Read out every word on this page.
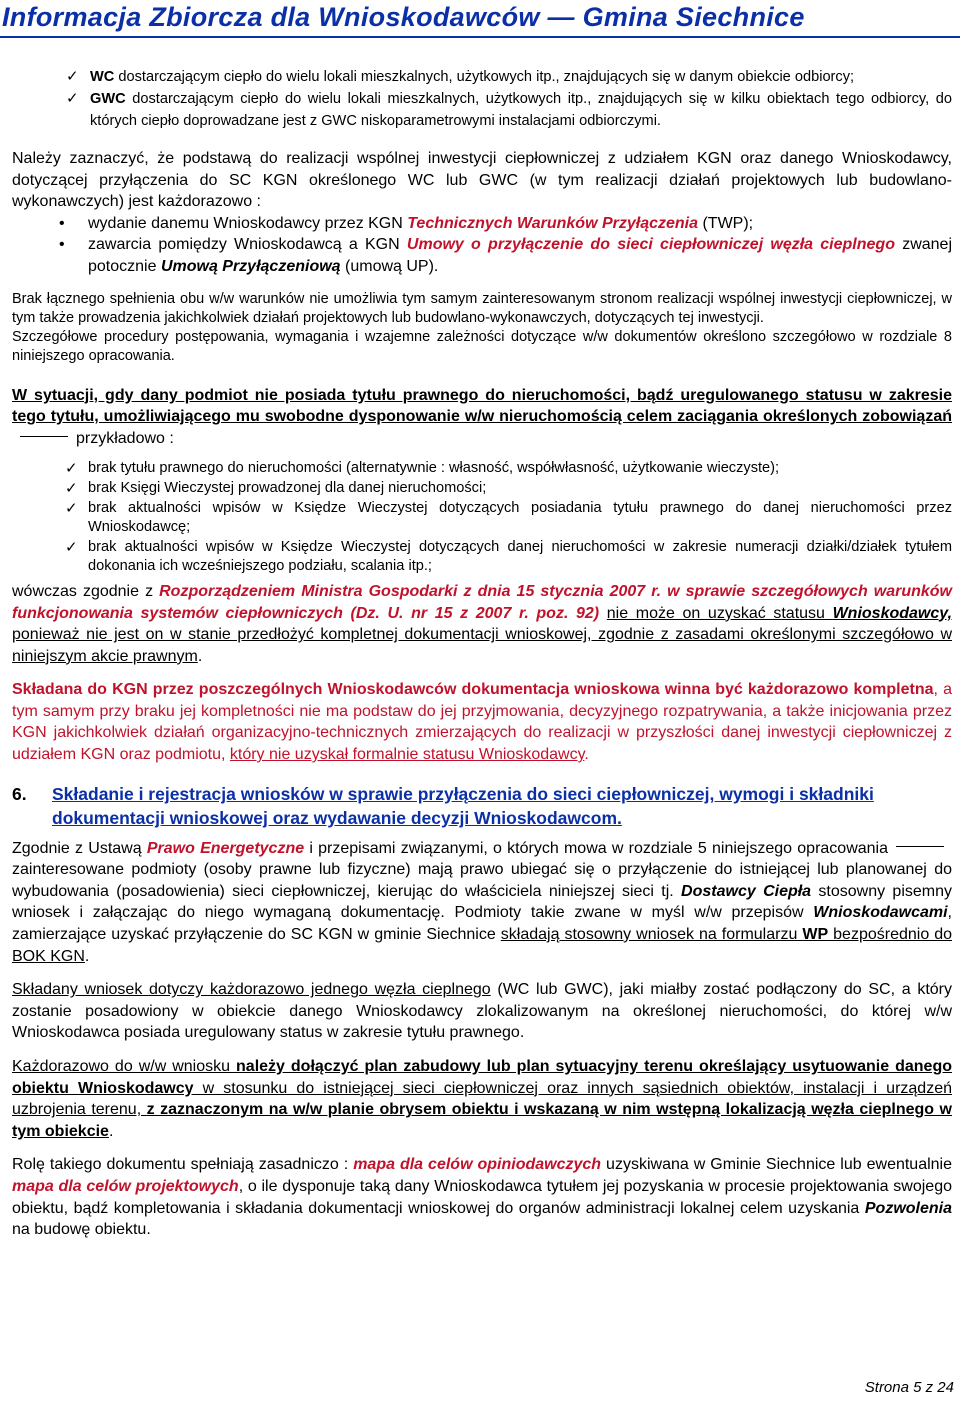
Informacja Zbiorcza dla Wnioskodawców — Gmina Siechnice
✓ WC dostarczającym ciepło do wielu lokali mieszkalnych, użytkowych itp., znajdujących się w danym obiekcie odbiorcy;
✓ GWC dostarczającym ciepło do wielu lokali mieszkalnych, użytkowych itp., znajdujących się w kilku obiektach tego odbiorcy, do których ciepło doprowadzane jest z GWC niskoparametrowymi instalacjami odbiorczymi.

Należy zaznaczyć, że podstawą do realizacji wspólnej inwestycji ciepłowniczej z udziałem KGN oraz danego Wnioskodawcy, dotyczącej przyłączenia do SC KGN określonego WC lub GWC (w tym realizacji działań projektowych lub budowlano-wykonawczych) jest każdorazowo :

• wydanie danemu Wnioskodawcy przez KGN Technicznych Warunków Przyłączenia (TWP);
• zawarcia pomiędzy Wnioskodawcą a KGN Umowy o przyłączenie do sieci ciepłowniczej węzła cieplnego zwanej potocznie Umową Przyłączeniową (umową UP).

Brak łącznego spełnienia obu w/w warunków nie umożliwia tym samym zainteresowanym stronom realizacji wspólnej inwestycji ciepłowniczej, w tym także prowadzenia jakichkolwiek działań projektowych lub budowlano-wykonawczych, dotyczących tej inwestycji.

Szczegółowe procedury postępowania, wymagania i wzajemne zależności dotyczące w/w dokumentów określono szczegółowo w rozdziale 8 niniejszego opracowania.

W sytuacji, gdy dany podmiot nie posiada tytułu prawnego do nieruchomości, bądź uregulowanego statusu w zakresie tego tytułu, umożliwiającego mu swobodne dysponowanie w/w nieruchomością celem zaciągania określonych zobowiązańprzykładowo :

✓ brak tytułu prawnego do nieruchomości (alternatywnie : własność, współwłasność, użytkowanie wieczyste);
✓ brak Księgi Wieczystej prowadzonej dla danej nieruchomości;
✓ brak aktualności wpisów w Księdze Wieczystej dotyczących posiadania tytułu prawnego do danej nieruchomości przez Wnioskodawcę;
✓ brak aktualności wpisów w Księdze Wieczystej dotyczących danej nieruchomości w zakresie numeracji działki/działek tytułem dokonania ich wcześniejszego podziału, scalania itp.;

wówczas zgodnie z Rozporządzeniem Ministra Gospodarki z dnia 15 stycznia 2007 r. w sprawie szczegółowych warunków funkcjonowania systemów ciepłowniczych (Dz. U. nr 15 z 2007 r. poz. 92) nie może on uzyskać statusu Wnioskodawcy, ponieważ nie jest on w stanie przedłożyć kompletnej dokumentacji wnioskowej, zgodnie z zasadami określonymi szczegółowo w niniejszym akcie prawnym.

Składana do KGN przez poszczególnych Wnioskodawców dokumentacja wnioskowa winna być każdorazowo kompletna, a tym samym przy braku jej kompletności nie ma podstaw do jej przyjmowania, decyzyjnego rozpatrywania, a także inicjowania przez KGN jakichkolwiek działań organizacyjno-technicznych zmierzających do realizacji w przyszłości danej inwestycji ciepłowniczej z udziałem KGN oraz podmiotu, który nie uzyskał formalnie statusu Wnioskodawcy.

6. Składanie i rejestracja wniosków w sprawie przyłączenia do sieci ciepłowniczej, wymogi i składniki dokumentacji wnioskowej oraz wydawanie decyzji Wnioskodawcom.

Zgodnie z Ustawą Prawo Energetyczne i przepisami związanymi, o których mowa w rozdziale 5 niniejszego opracowaniazainteresowane podmioty (osoby prawne lub fizyczne) mają prawo ubiegać się o przyłączenie do istniejącej lub planowanej do wybudowania (posadowienia) sieci ciepłowniczej, kierując do właściciela niniejszej sieci tj. Dostawcy Ciepła stosowny pisemny wniosek i załączając do niego wymaganą dokumentację. Podmioty takie zwane w myśl w/w przepisów Wnioskodawcami, zamierzające uzyskać przyłączenie do SC KGN w gminie Siechnice składają stosowny wniosek na formularzu WP bezpośrednio do BOK KGN.

Składany wniosek dotyczy każdorazowo jednego węzła cieplnego (WC lub GWC), jaki miałby zostać podłączony do SC, a który zostanie posadowiony w obiekcie danego Wnioskodawcy zlokalizowanym na określonej nieruchomości, do której w/w Wnioskodawca posiada uregulowany status w zakresie tytułu prawnego.

Każdorazowo do w/w wniosku należy dołączyć plan zabudowy lub plan sytuacyjny terenu określający usytuowanie danego obiektu Wnioskodawcy w stosunku do istniejącej sieci ciepłowniczej oraz innych sąsiednich obiektów, instalacji i urządzeń uzbrojenia terenu, z zaznaczonym na w/w planie obrysem obiektu i wskazaną w nim wstępną lokalizacją węzła cieplnego w tym obiekcie.

Rolę takiego dokumentu spełniają zasadniczo : mapa dla celów opiniodawczych uzyskiwana w Gminie Siechnice lub ewentualnie mapa dla celów projektowych, o ile dysponuje taką dany Wnioskodawca tytułem jej pozyskania w procesie projektowania swojego obiektu, bądź kompletowania i składania dokumentacji wnioskowej do organów administracji lokalnej celem uzyskania Pozwolenia na budowę obiektu.

Strona 5 z 24
